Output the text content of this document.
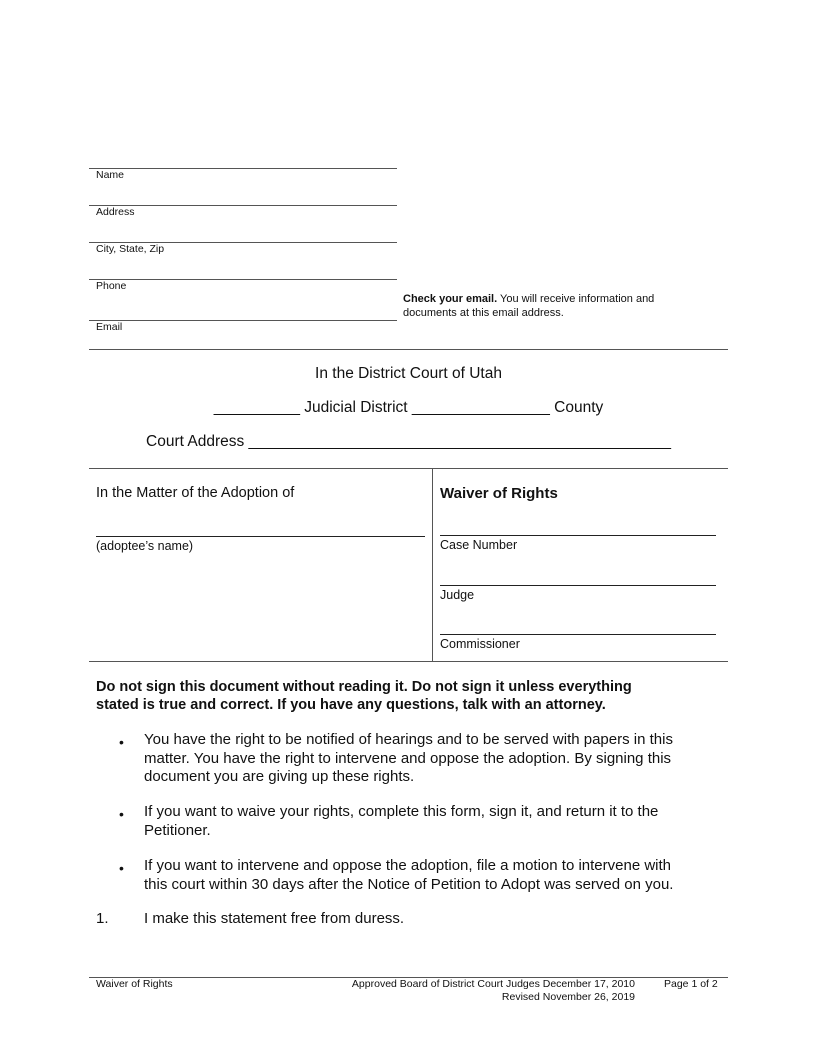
Name
Address
City, State, Zip
Phone
Email
Check your email. You will receive information and
documents at this email address.
In the District Court of Utah
__________ Judicial District ________________ County
Court Address _________________________________________________
In the Matter of the Adoption of
(adoptee’s name)
Waiver of Rights
Case Number
Judge
Commissioner
Do not sign this document without reading it. Do not sign it unless everything
stated is true and correct. If you have any questions, talk with an attorney.
• You have the right to be notified of hearings and to be served with papers in this
matter. You have the right to intervene and oppose the adoption. By signing this
document you are giving up these rights.
• If you want to waive your rights, complete this form, sign it, and return it to the
Petitioner.
• If you want to intervene and oppose the adoption, file a motion to intervene with
this court within 30 days after the Notice of Petition to Adopt was served on you.
1. I make this statement free from duress.
Waiver of Rights	Approved Board of District Court Judges December 17, 2010
Revised November 26, 2019
Page 1 of 2
